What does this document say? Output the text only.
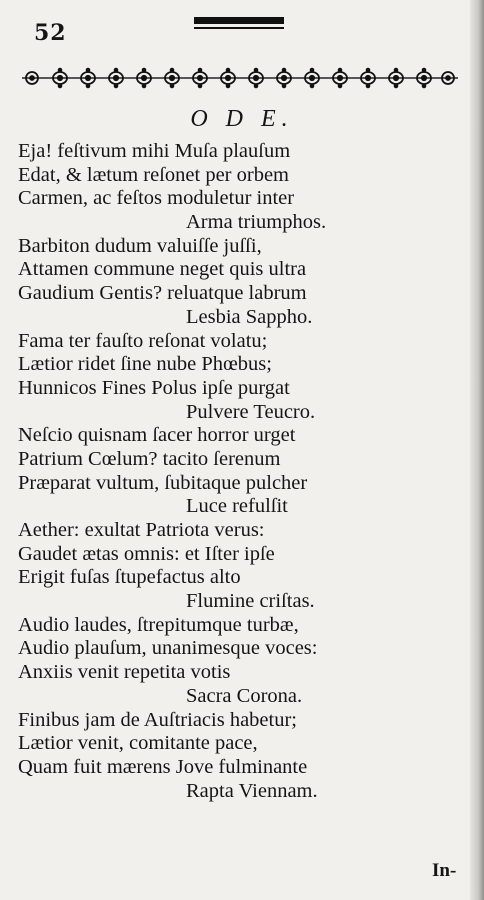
52
O D E.
Eja! feſtivum mihi Muſa plauſum
Edat, & lætum reſonet per orbem
Carmen, ac feſtos moduletur inter
Arma triumphos.
Barbiton dudum valuiſſe juſſi,
Attamen commune neget quis ultra
Gaudium Gentis? reluatque labrum
Lesbia Sappho.
Fama ter fauſto reſonat volatu;
Lætior ridet ſine nube Phœbus;
Hunnicos Fines Polus ipſe purgat
Pulvere Teucro.
Neſcio quisnam ſacer horror urget
Patrium Cœlum? tacito ſerenum
Præparat vultum, ſubitaque pulcher
Luce refulſit
Aether: exultat Patriota verus:
Gaudet ætas omnis: et Iſter ipſe
Erigit fuſas ſtupefactus alto
Flumine criſtas.
Audio laudes, ſtrepitumque turbæ,
Audio plauſum, unanimesque voces:
Anxiis venit repetita votis
Sacra Corona.
Finibus jam de Auſtriacis habetur;
Lætior venit, comitante pace,
Quam fuit mærens Jove fulminante
Rapta Viennam.
In-
